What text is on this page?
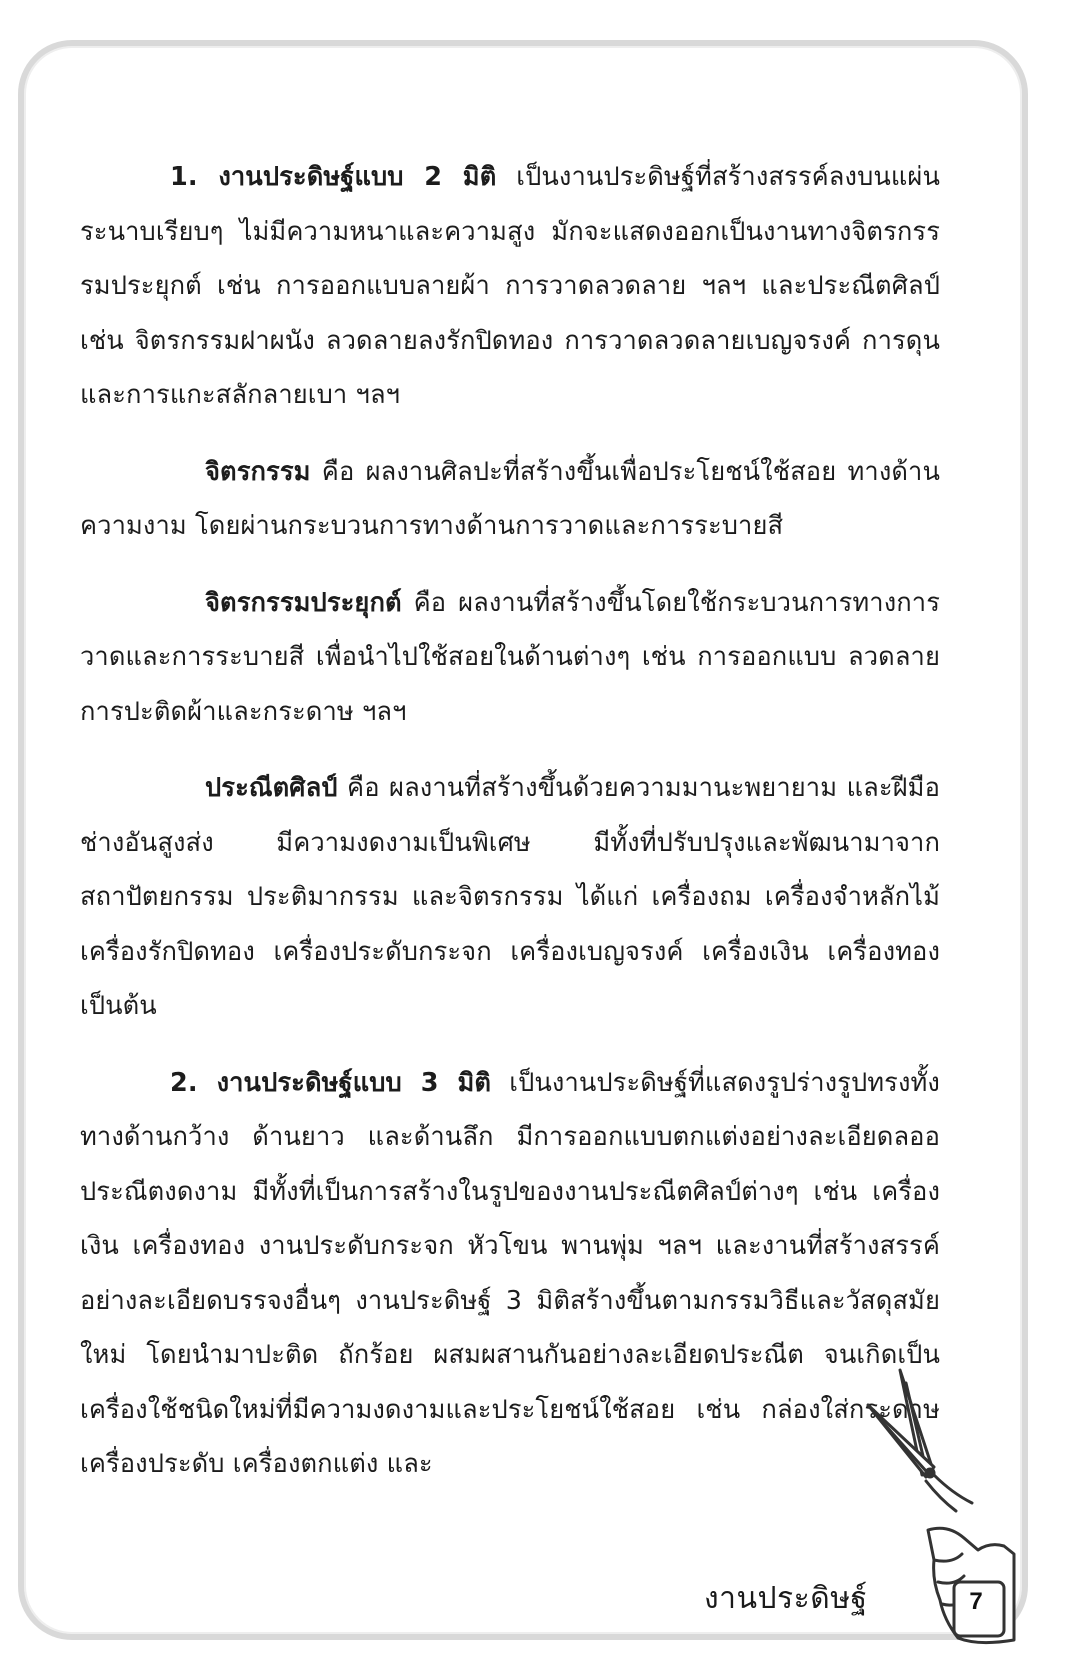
1. งานประดิษฐ์แบบ 2 มิติ เป็นงานประดิษฐ์ที่สร้างสรรค์ลงบนแผ่นระนาบเรียบๆ ไม่มีความหนาและความสูง มักจะแสดงออกเป็นงานทางจิตรกรรรมประยุกต์ เช่น การออกแบบลายผ้า การวาดลวดลาย ฯลฯ และประณีตศิลป์ เช่น จิตรกรรมฝาผนัง ลวดลายลงรักปิดทอง การวาดลวดลายเบญจรงค์ การดุนและการแกะสลักลายเบา ฯลฯ

จิตรกรรม คือ ผลงานศิลปะที่สร้างขึ้นเพื่อประโยชน์ใช้สอย ทางด้านความงาม โดยผ่านกระบวนการทางด้านการวาดและการระบายสี

จิตรกรรมประยุกต์ คือ ผลงานที่สร้างขึ้นโดยใช้กระบวนการทางการวาดและการระบายสี เพื่อนำไปใช้สอยในด้านต่างๆ เช่น การออกแบบ ลวดลาย การปะติดผ้าและกระดาษ ฯลฯ

ประณีตศิลป์ คือ ผลงานที่สร้างขึ้นด้วยความมานะพยายาม และฝีมือช่างอันสูงส่ง มีความงดงามเป็นพิเศษ มีทั้งที่ปรับปรุงและพัฒนามาจากสถาปัตยกรรม ประติมากรรม และจิตรกรรม ได้แก่ เครื่องถม เครื่องจำหลักไม้ เครื่องรักปิดทอง เครื่องประดับกระจก เครื่องเบญจรงค์ เครื่องเงิน เครื่องทอง เป็นต้น

2. งานประดิษฐ์แบบ 3 มิติ เป็นงานประดิษฐ์ที่แสดงรูปร่างรูปทรงทั้งทางด้านกว้าง ด้านยาว และด้านลึก มีการออกแบบตกแต่งอย่างละเอียดลออ ประณีตงดงาม มีทั้งที่เป็นการสร้างในรูปของงานประณีตศิลป์ต่างๆ เช่น เครื่องเงิน เครื่องทอง งานประดับกระจก หัวโขน พานพุ่ม ฯลฯ และงานที่สร้างสรรค์อย่างละเอียดบรรจงอื่นๆ งานประดิษฐ์ 3 มิติสร้างขึ้นตามกรรมวิธีและวัสดุสมัยใหม่ โดยนำมาปะติด ถักร้อย ผสมผสานกันอย่างละเอียดประณีต จนเกิดเป็นเครื่องใช้ชนิดใหม่ที่มีความงดงามและประโยชน์ใช้สอย เช่น กล่องใส่กระดาษ เครื่องประดับ เครื่องตกแต่ง และ

งานประดิษฐ์	7
